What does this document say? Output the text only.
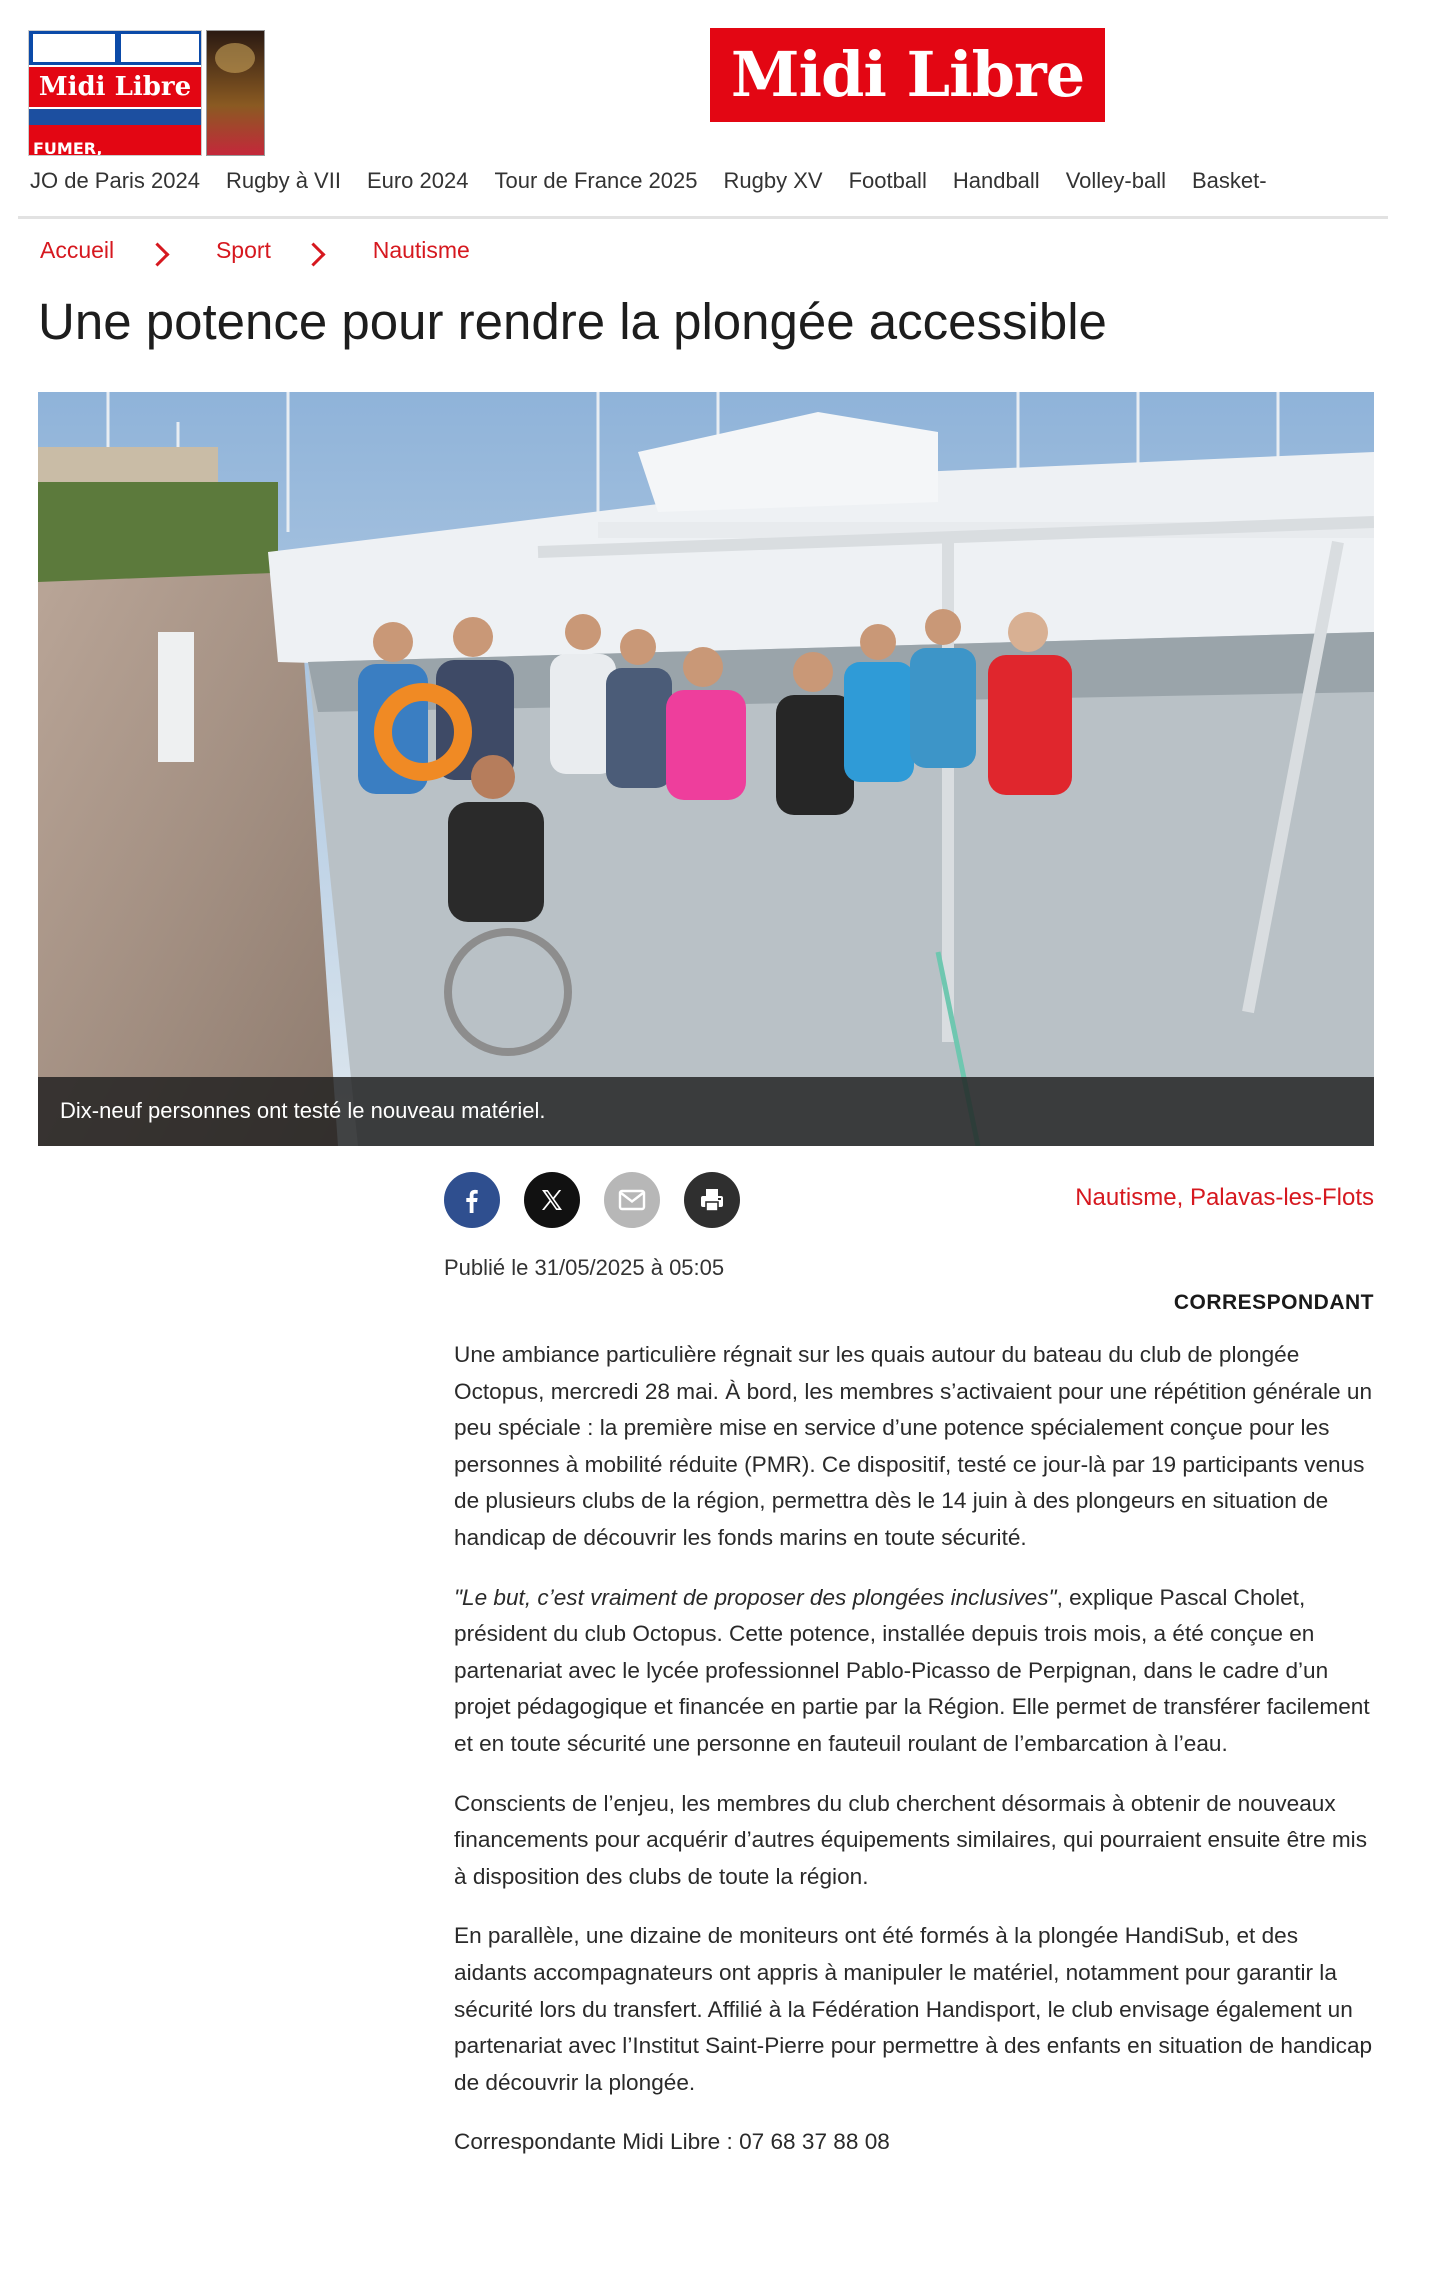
Midi Libre
FUMER,
Midi Libre
JO de Paris 2024 Rugby à VII Euro 2024 Tour de France 2025 Rugby XV Football Handball Volley-ball Basket-
Accueil	Sport	Nautisme
Une potence pour rendre la plongée accessible
Dix-neuf personnes ont testé le nouveau matériel.
Nautisme, Palavas-les-Flots
Publié le 31/05/2025 à 05:05
CORRESPONDANT

Une ambiance particulière régnait sur les quais autour du bateau du club de plongée Octopus, mercredi 28 mai. À bord, les membres s’activaient pour une répétition générale un peu spéciale : la première mise en service d’une potence spécialement conçue pour les personnes à mobilité réduite (PMR). Ce dispositif, testé ce jour-là par 19 participants venus de plusieurs clubs de la région, permettra dès le 14 juin à des plongeurs en situation de handicap de découvrir les fonds marins en toute sécurité.

"Le but, c’est vraiment de proposer des plongées inclusives", explique Pascal Cholet, président du club Octopus. Cette potence, installée depuis trois mois, a été conçue en partenariat avec le lycée professionnel Pablo-Picasso de Perpignan, dans le cadre d’un projet pédagogique et financée en partie par la Région. Elle permet de transférer facilement et en toute sécurité une personne en fauteuil roulant de l’embarcation à l’eau.

Conscients de l’enjeu, les membres du club cherchent désormais à obtenir de nouveaux financements pour acquérir d’autres équipements similaires, qui pourraient ensuite être mis à disposition des clubs de toute la région.

En parallèle, une dizaine de moniteurs ont été formés à la plongée HandiSub, et des aidants accompagnateurs ont appris à manipuler le matériel, notamment pour garantir la sécurité lors du transfert. Affilié à la Fédération Handisport, le club envisage également un partenariat avec l’Institut Saint-Pierre pour permettre à des enfants en situation de handicap de découvrir la plongée.

Correspondante Midi Libre : 07 68 37 88 08
